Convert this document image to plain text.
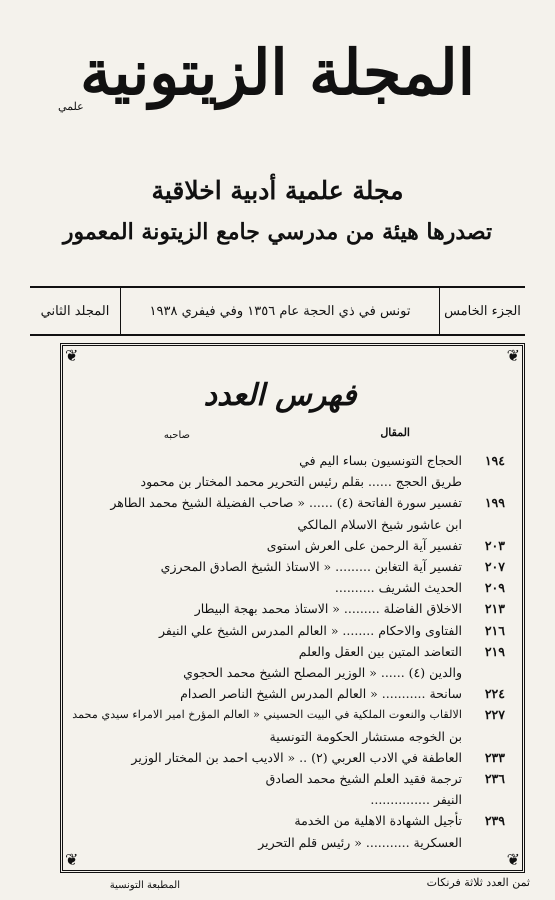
المجلة الزيتونية
علمي
مجلة علمية أدبية اخلاقية
تصدرها هيئة من مدرسي جامع الزيتونة المعمور
الجزء الخامس
تونس في ذي الحجة عام ١٣٥٦ وفي فيفري ١٩٣٨
المجلد الثاني
❦	❦
❦	❦
فهرس العدد
المقال
صاحبه
١٩٤
الحجاج التونسيون بساء اليم في
طريق الحجج ...... بقلم رئيس التحرير محمد المختار بن محمود
١٩٩
تفسير سورة الفاتحة (٤) ...... « صاحب الفضيلة الشيخ محمد الطاهر
ابن عاشور شيخ الاسلام المالكي
٢٠٣
تفسير آية الرحمن على العرش استوى
٢٠٧
تفسير آية التغابن ......... « الاستاذ الشيخ الصادق المحرزي
٢٠٩
الحديث الشريف ..........
٢١٣
الاخلاق الفاضلة ......... « الاستاذ محمد بهجة البيطار
٢١٦
الفتاوى والاحكام ........ « العالم المدرس الشيخ علي النيفر
٢١٩
التعاضد المتين بين العقل والعلم
والدين (٤) ...... « الوزير المصلح الشيخ محمد الحجوي
٢٢٤
سانحة ........... « العالم المدرس الشيخ الناصر الصدام
٢٢٧
الالقاب والنعوت الملكية في البيت الحسيني « العالم المؤرخ امير الامراء سيدي محمد
بن الخوجه مستشار الحكومة التونسية
٢٣٣
العاطفة في الادب العربي (٢) .. « الاديب احمد بن المختار الوزير
٢٣٦
ترجمة فقيد العلم الشيخ محمد الصادق
النيفر ...............
٢٣٩
تأجيل الشهادة الاهلية من الخدمة
العسكرية ........... « رئيس قلم التحرير
ثمن العدد ثلاثة فرنكات
المطبعة التونسية
